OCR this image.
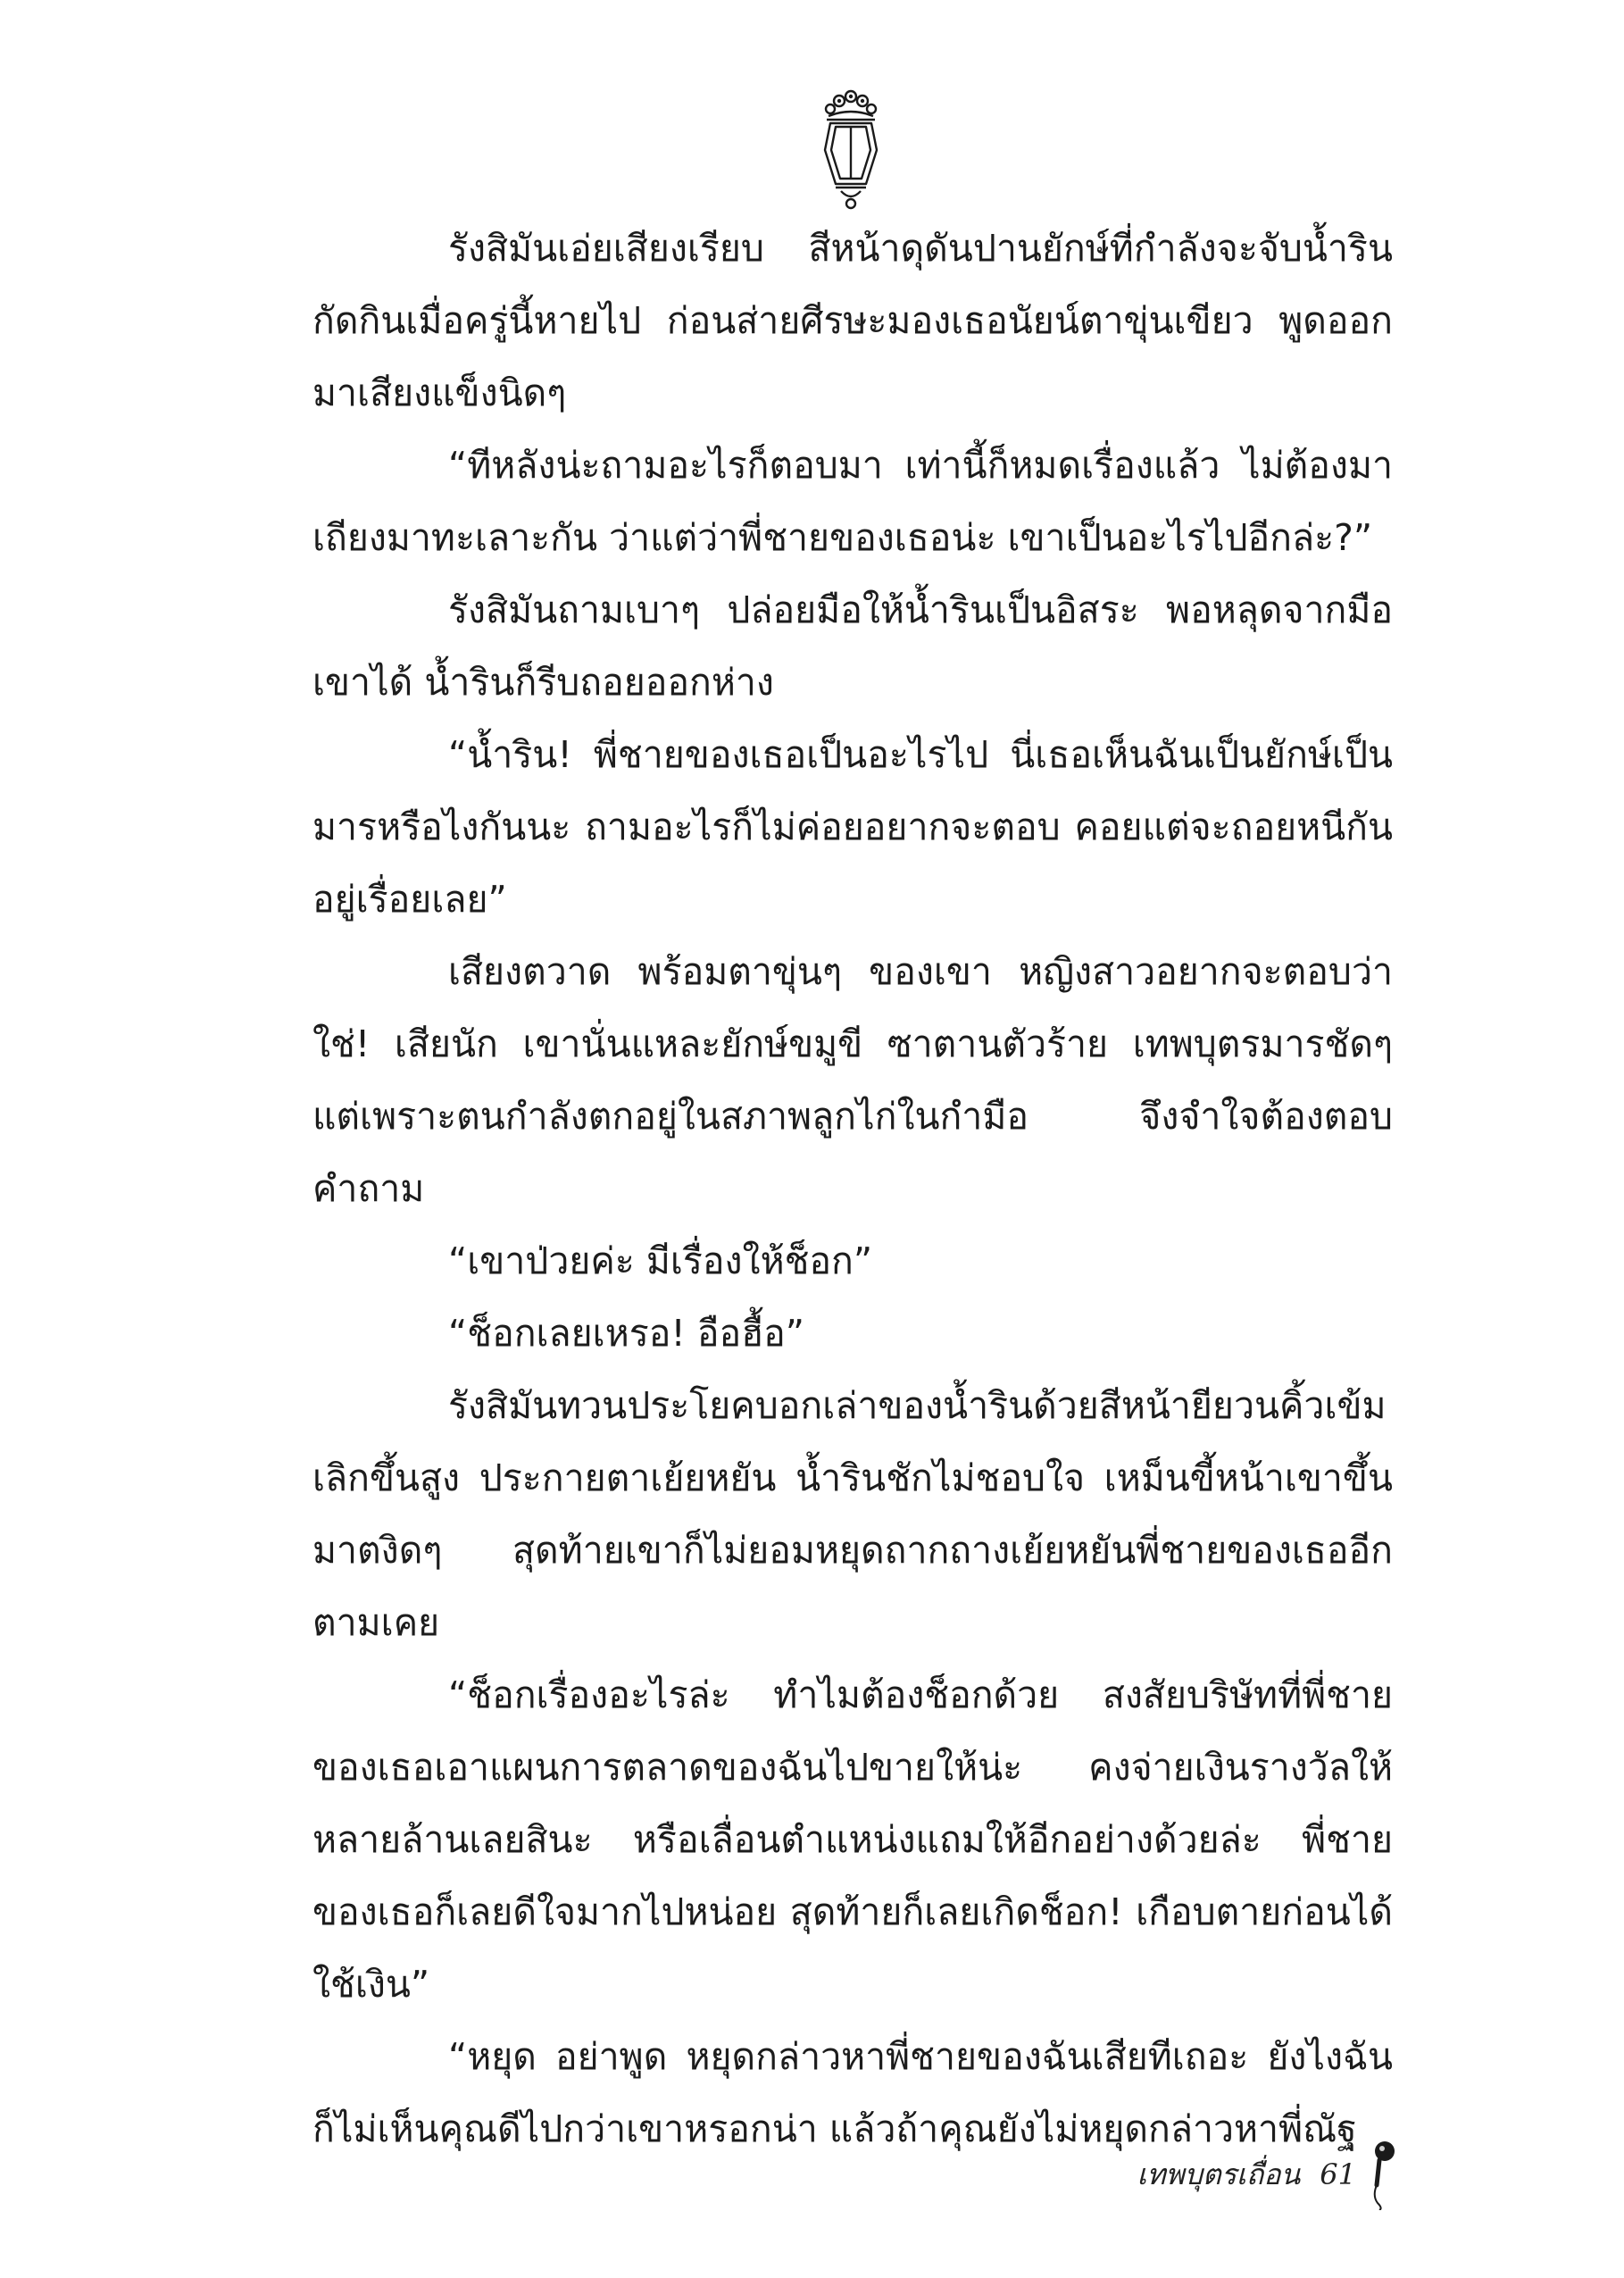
รังสิมันเอ่ยเสียงเรียบ สีหน้าดุดันปานยักษ์ที่กำลังจะจับน้ำรินกัดกินเมื่อครู่นี้หายไป ก่อนส่ายศีรษะมองเธอนัยน์ตาขุ่นเขียว พูดออกมาเสียงแข็งนิดๆ

“ทีหลังน่ะถามอะไรก็ตอบมา เท่านี้ก็หมดเรื่องแล้ว ไม่ต้องมาเถียงมาทะเลาะกัน ว่าแต่ว่าพี่ชายของเธอน่ะ เขาเป็นอะไรไปอีกล่ะ?”

รังสิมันถามเบาๆ ปล่อยมือให้น้ำรินเป็นอิสระ พอหลุดจากมือเขาได้ น้ำรินก็รีบถอยออกห่าง

“น้ำริน! พี่ชายของเธอเป็นอะไรไป นี่เธอเห็นฉันเป็นยักษ์เป็นมารหรือไงกันนะ ถามอะไรก็ไม่ค่อยอยากจะตอบ คอยแต่จะถอยหนีกันอยู่เรื่อยเลย”

เสียงตวาด พร้อมตาขุ่นๆ ของเขา หญิงสาวอยากจะตอบว่าใช่! เสียนัก เขานั่นแหละยักษ์ขมูขี ซาตานตัวร้าย เทพบุตรมารชัดๆ แต่เพราะตนกำลังตกอยู่ในสภาพลูกไก่ในกำมือ จึงจำใจต้องตอบคำถาม

“เขาป่วยค่ะ มีเรื่องให้ช็อก”

“ช็อกเลยเหรอ! อือฮื้อ”

รังสิมันทวนประโยคบอกเล่าของน้ำรินด้วยสีหน้ายียวนคิ้วเข้มเลิกขึ้นสูง ประกายตาเย้ยหยัน น้ำรินชักไม่ชอบใจ เหม็นขี้หน้าเขาขึ้นมาตงิดๆ สุดท้ายเขาก็ไม่ยอมหยุดถากถางเย้ยหยันพี่ชายของเธออีกตามเคย

“ช็อกเรื่องอะไรล่ะ ทำไมต้องช็อกด้วย สงสัยบริษัทที่พี่ชายของเธอเอาแผนการตลาดของฉันไปขายให้น่ะ คงจ่ายเงินรางวัลให้หลายล้านเลยสินะ หรือเลื่อนตำแหน่งแถมให้อีกอย่างด้วยล่ะ พี่ชายของเธอก็เลยดีใจมากไปหน่อย สุดท้ายก็เลยเกิดช็อก! เกือบตายก่อนได้ใช้เงิน”

“หยุด อย่าพูด หยุดกล่าวหาพี่ชายของฉันเสียทีเถอะ ยังไงฉันก็ไม่เห็นคุณดีไปกว่าเขาหรอกน่า แล้วถ้าคุณยังไม่หยุดกล่าวหาพี่ณัฐ

เทพบุตรเถื่อน 61
